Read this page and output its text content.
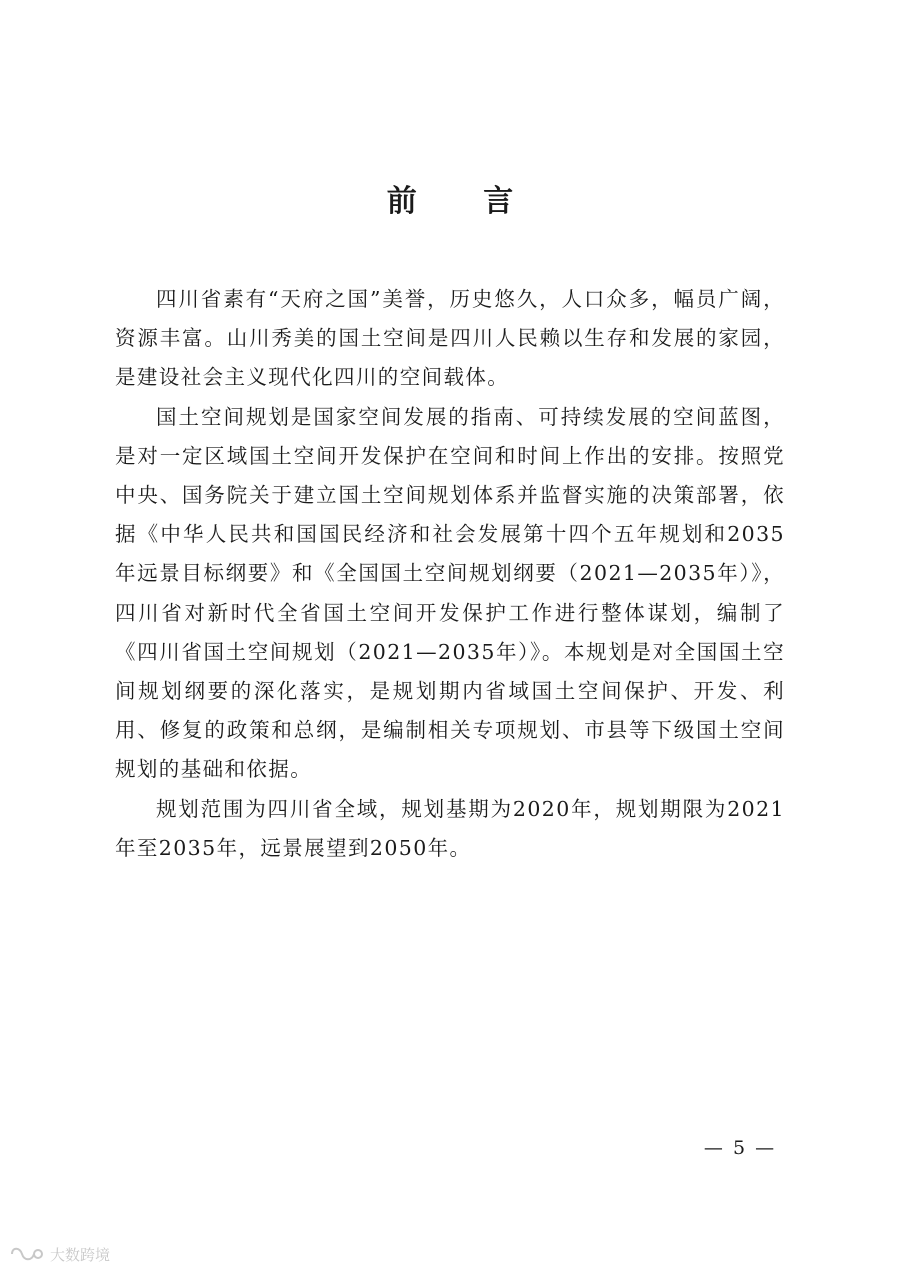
前 言

四川省素有“天府之国”美誉，历史悠久，人口众多，幅员广阔，资源丰富。山川秀美的国土空间是四川人民赖以生存和发展的家园，是建设社会主义现代化四川的空间载体。

国土空间规划是国家空间发展的指南、可持续发展的空间蓝图，是对一定区域国土空间开发保护在空间和时间上作出的安排。按照党中央、国务院关于建立国土空间规划体系并监督实施的决策部署，依据《中华人民共和国国民经济和社会发展第十四个五年规划和2035年远景目标纲要》和《全国国土空间规划纲要（2021—2035年）》，四川省对新时代全省国土空间开发保护工作进行整体谋划，编制了《四川省国土空间规划（2021—2035年）》。本规划是对全国国土空间规划纲要的深化落实，是规划期内省域国土空间保护、开发、利用、修复的政策和总纲，是编制相关专项规划、市县等下级国土空间规划的基础和依据。

规划范围为四川省全域，规划基期为2020年，规划期限为2021年至2035年，远景展望到2050年。

— 5 —
大数跨境
